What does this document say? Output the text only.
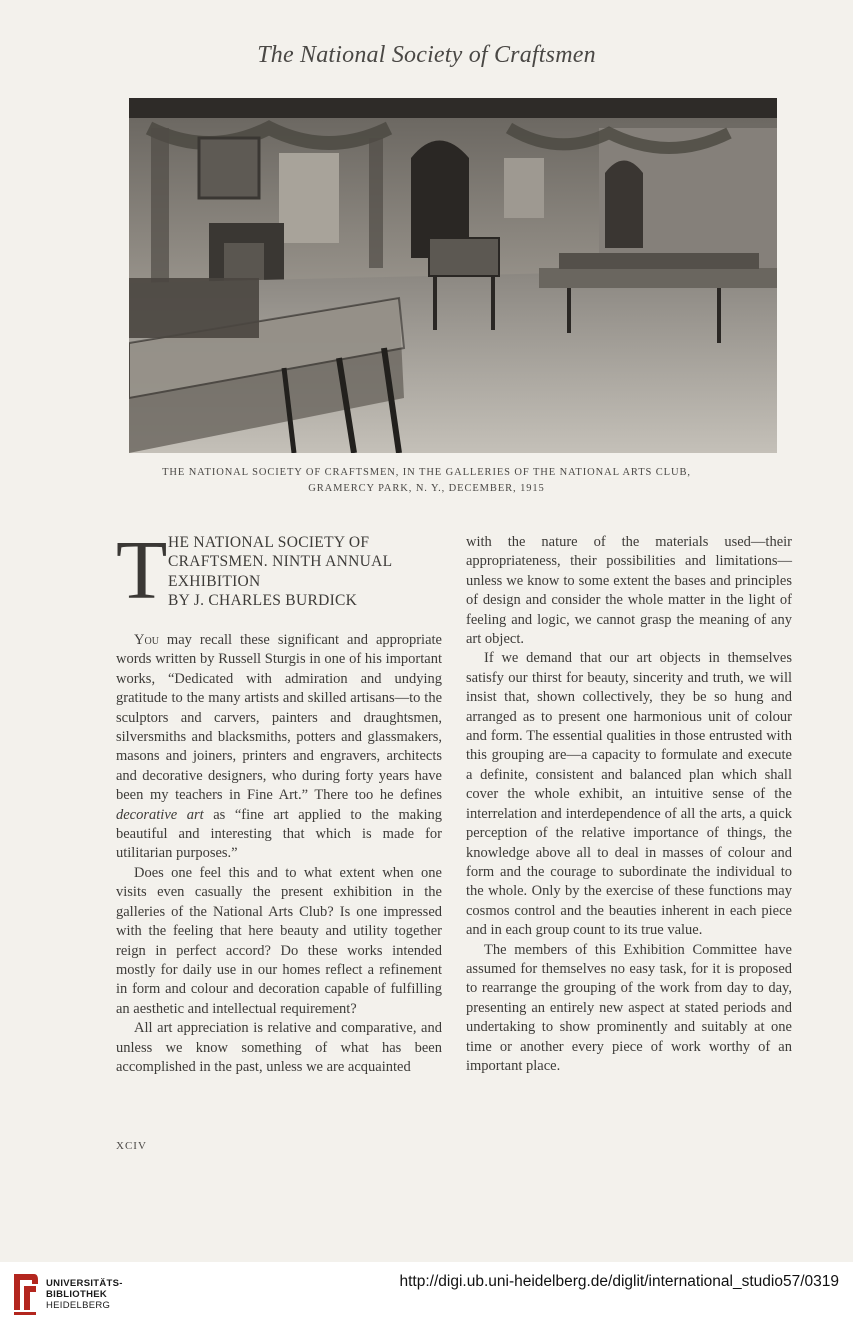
The National Society of Craftsmen
THE NATIONAL SOCIETY OF CRAFTSMEN, IN THE GALLERIES OF THE NATIONAL ARTS CLUB,
GRAMERCY PARK, N. Y., DECEMBER, 1915
T HE NATIONAL SOCIETY OF
CRAFTSMEN. NINTH ANNUAL
EXHIBITION
BY J. CHARLES BURDICK

You may recall these significant and appropriate words written by Russell Sturgis in one of his important works, “Dedicated with admiration and undying gratitude to the many artists and skilled artisans—to the sculptors and carvers, painters and draughtsmen, silversmiths and blacksmiths, potters and glassmakers, masons and joiners, printers and engravers, architects and decorative designers, who during forty years have been my teachers in Fine Art.” There too he defines decorative art as “fine art applied to the making beautiful and interesting that which is made for utilitarian purposes.”

Does one feel this and to what extent when one visits even casually the present exhibition in the galleries of the National Arts Club? Is one impressed with the feeling that here beauty and utility together reign in perfect accord? Do these works intended mostly for daily use in our homes reflect a refinement in form and colour and decoration capable of fulfilling an aesthetic and intellectual requirement?

All art appreciation is relative and comparative, and unless we know something of what has been accomplished in the past, unless we are acquainted

with the nature of the materials used—their appropriateness, their possibilities and limitations—unless we know to some extent the bases and principles of design and consider the whole matter in the light of feeling and logic, we cannot grasp the meaning of any art object.

If we demand that our art objects in themselves satisfy our thirst for beauty, sincerity and truth, we will insist that, shown collectively, they be so hung and arranged as to present one harmonious unit of colour and form. The essential qualities in those entrusted with this grouping are—a capacity to formulate and execute a definite, consistent and balanced plan which shall cover the whole exhibit, an intuitive sense of the interrelation and interdependence of all the arts, a quick perception of the relative importance of things, the knowledge above all to deal in masses of colour and form and the courage to subordinate the individual to the whole. Only by the exercise of these functions may cosmos control and the beauties inherent in each piece and in each group count to its true value.

The members of this Exhibition Committee have assumed for themselves no easy task, for it is proposed to rearrange the grouping of the work from day to day, presenting an entirely new aspect at stated periods and undertaking to show prominently and suitably at one time or another every piece of work worthy of an important place.

XCIV
UNIVERSITÄTS-
BIBLIOTHEK
HEIDELBERG
http://digi.ub.uni-heidelberg.de/diglit/international_studio57/0319
